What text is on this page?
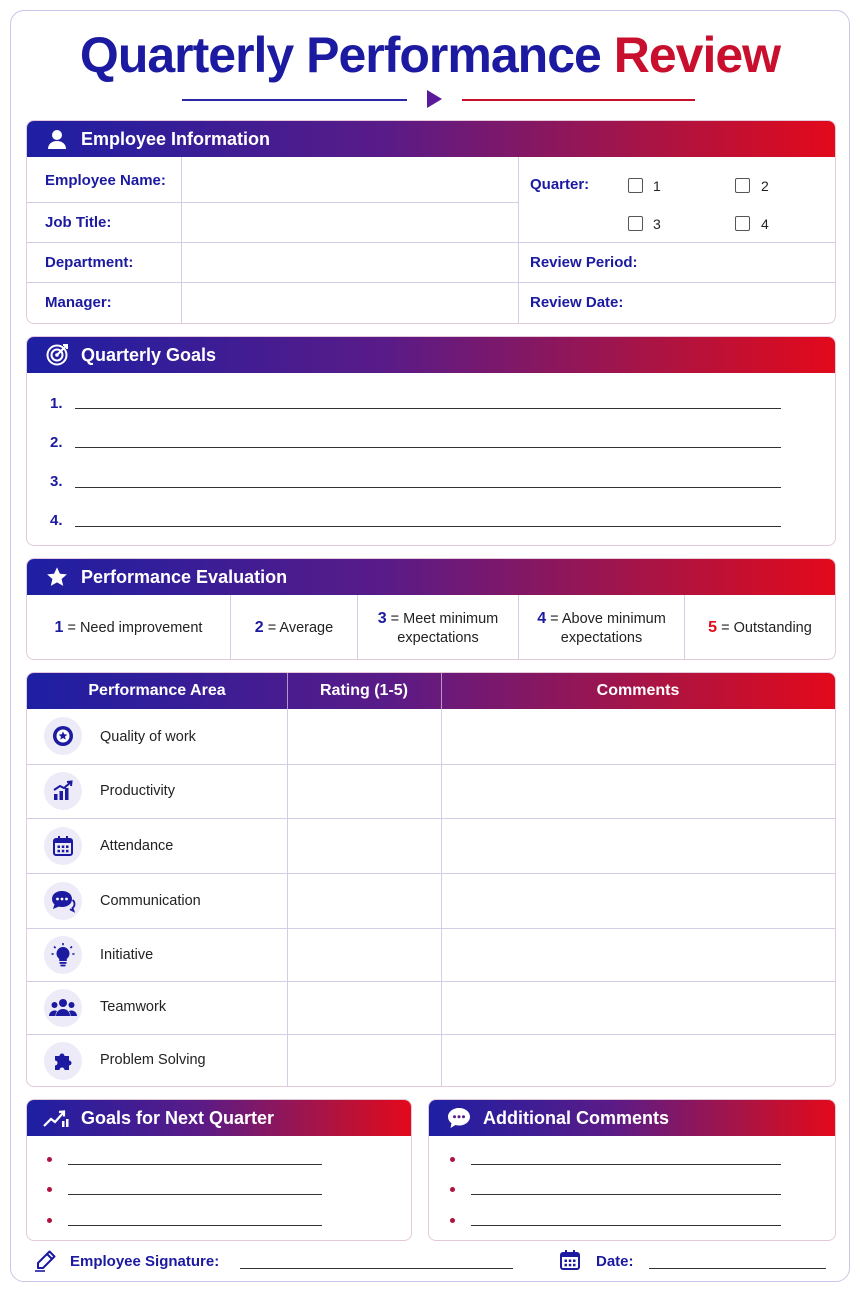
Quarterly Performance Review
Employee Information
Employee Name:
Job Title:
Department:
Manager:
Quarter:	1	2
3	4
Review Period:
Review Date:
Quarterly Goals
1.
2.
3.
4.
Performance Evaluation
1 = Need improvement	2 = Average
3 = Meet minimum
expectations
4 = Above minimum
expectations
5 = Outstanding
Performance Area	Rating (1-5)	Comments
Quality of work
Productivity
Attendance
Communication
Initiative
Teamwork
Problem Solving
Goals for Next Quarter	Additional Comments
Employee Signature:	Date:
